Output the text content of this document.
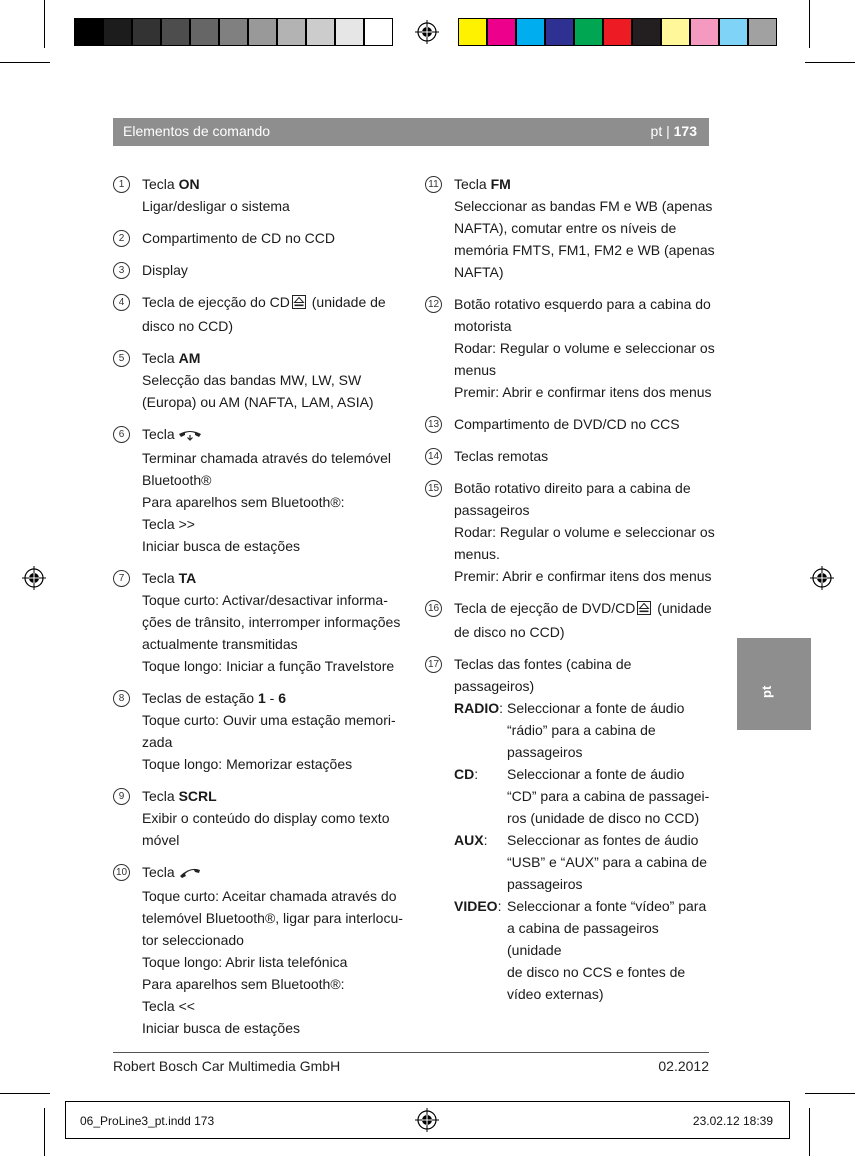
Elementos de comando	pt | 173
pt
1	Tecla ON
Ligar/desligar o sistema
2	Compartimento de CD no CCD
3	Display
4	Tecla de ejecção do CD (unidade de
disco no CCD)
5	Tecla AM
Selecção das bandas MW, LW, SW
(Europa) ou AM (NAFTA, LAM, ASIA)
6	Tecla
Terminar chamada através do telemóvel
Bluetooth®
Para aparelhos sem Bluetooth®:
Tecla >>
Iniciar busca de estações
7	Tecla TA
Toque curto: Activar/desactivar informa-
ções de trânsito, interromper informações
actualmente transmitidas
Toque longo: Iniciar a função Travelstore
8	Teclas de estação 1 - 6
Toque curto: Ouvir uma estação memori-
zada
Toque longo: Memorizar estações
9	Tecla SCRL
Exibir o conteúdo do display como texto
móvel
10 Tecla
Toque curto: Aceitar chamada através do
telemóvel Bluetooth®, ligar para interlocu-
tor seleccionado
Toque longo: Abrir lista telefónica
Para aparelhos sem Bluetooth®:
Tecla <<
Iniciar busca de estações
11 Tecla FM
Seleccionar as bandas FM e WB (apenas
NAFTA), comutar entre os níveis de
memória FMTS, FM1, FM2 e WB (apenas
NAFTA)
12 Botão rotativo esquerdo para a cabina do
motorista
Rodar: Regular o volume e seleccionar os
menus
Premir: Abrir e confirmar itens dos menus
13 Compartimento de DVD/CD no CCS
14 Teclas remotas
15 Botão rotativo direito para a cabina de
passageiros
Rodar: Regular o volume e seleccionar os
menus.
Premir: Abrir e confirmar itens dos menus
16 Tecla de ejecção de DVD/CD (unidade
de disco no CCD)
17 Teclas das fontes (cabina de passageiros)
RADIO: Seleccionar a fonte de áudio
“rádio” para a cabina de
passageiros
CD:	Seleccionar a fonte de áudio
“CD” para a cabina de passagei-
ros (unidade de disco no CCD)
AUX:	Seleccionar as fontes de áudio
“USB” e “AUX” para a cabina de
passageiros
VIDEO: Seleccionar a fonte “vídeo” para
a cabina de passageiros (unidade
de disco no CCS e fontes de
vídeo externas)
Robert Bosch Car Multimedia GmbH	02.2012
06_ProLine3_pt.indd 173	23.02.12 18:39
